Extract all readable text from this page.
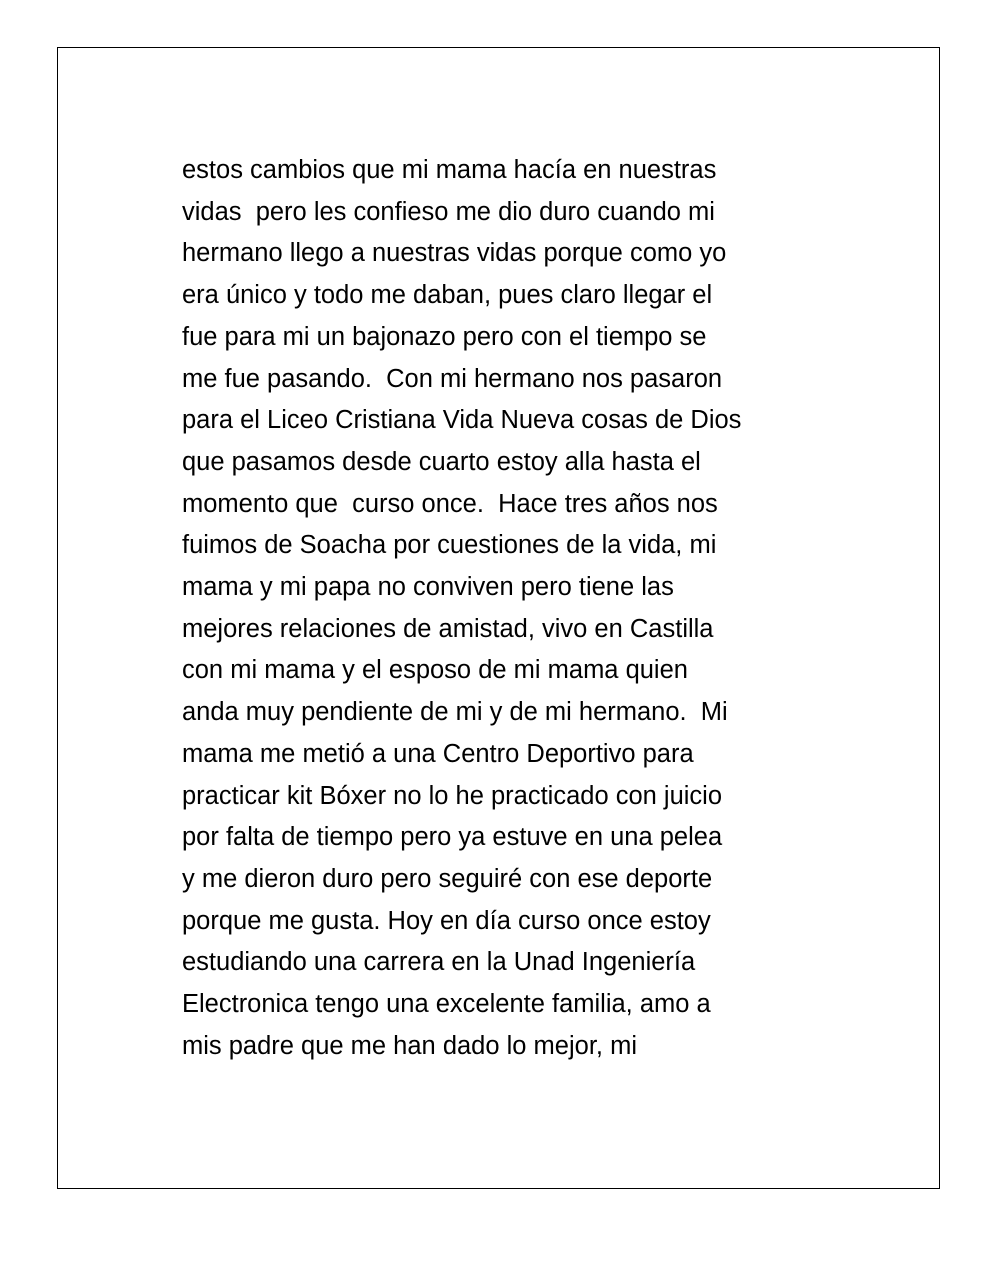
estos cambios que mi mama hacía en nuestras
vidas  pero les confieso me dio duro cuando mi
hermano llego a nuestras vidas porque como yo
era único y todo me daban, pues claro llegar el
fue para mi un bajonazo pero con el tiempo se
me fue pasando.  Con mi hermano nos pasaron
para el Liceo Cristiana Vida Nueva cosas de Dios
que pasamos desde cuarto estoy alla hasta el
momento que  curso once.  Hace tres años nos
fuimos de Soacha por cuestiones de la vida, mi
mama y mi papa no conviven pero tiene las
mejores relaciones de amistad, vivo en Castilla
con mi mama y el esposo de mi mama quien
anda muy pendiente de mi y de mi hermano.  Mi
mama me metió a una Centro Deportivo para
practicar kit Bóxer no lo he practicado con juicio
por falta de tiempo pero ya estuve en una pelea
y me dieron duro pero seguiré con ese deporte
porque me gusta. Hoy en día curso once estoy
estudiando una carrera en la Unad Ingeniería
Electronica tengo una excelente familia, amo a
mis padre que me han dado lo mejor, mi
